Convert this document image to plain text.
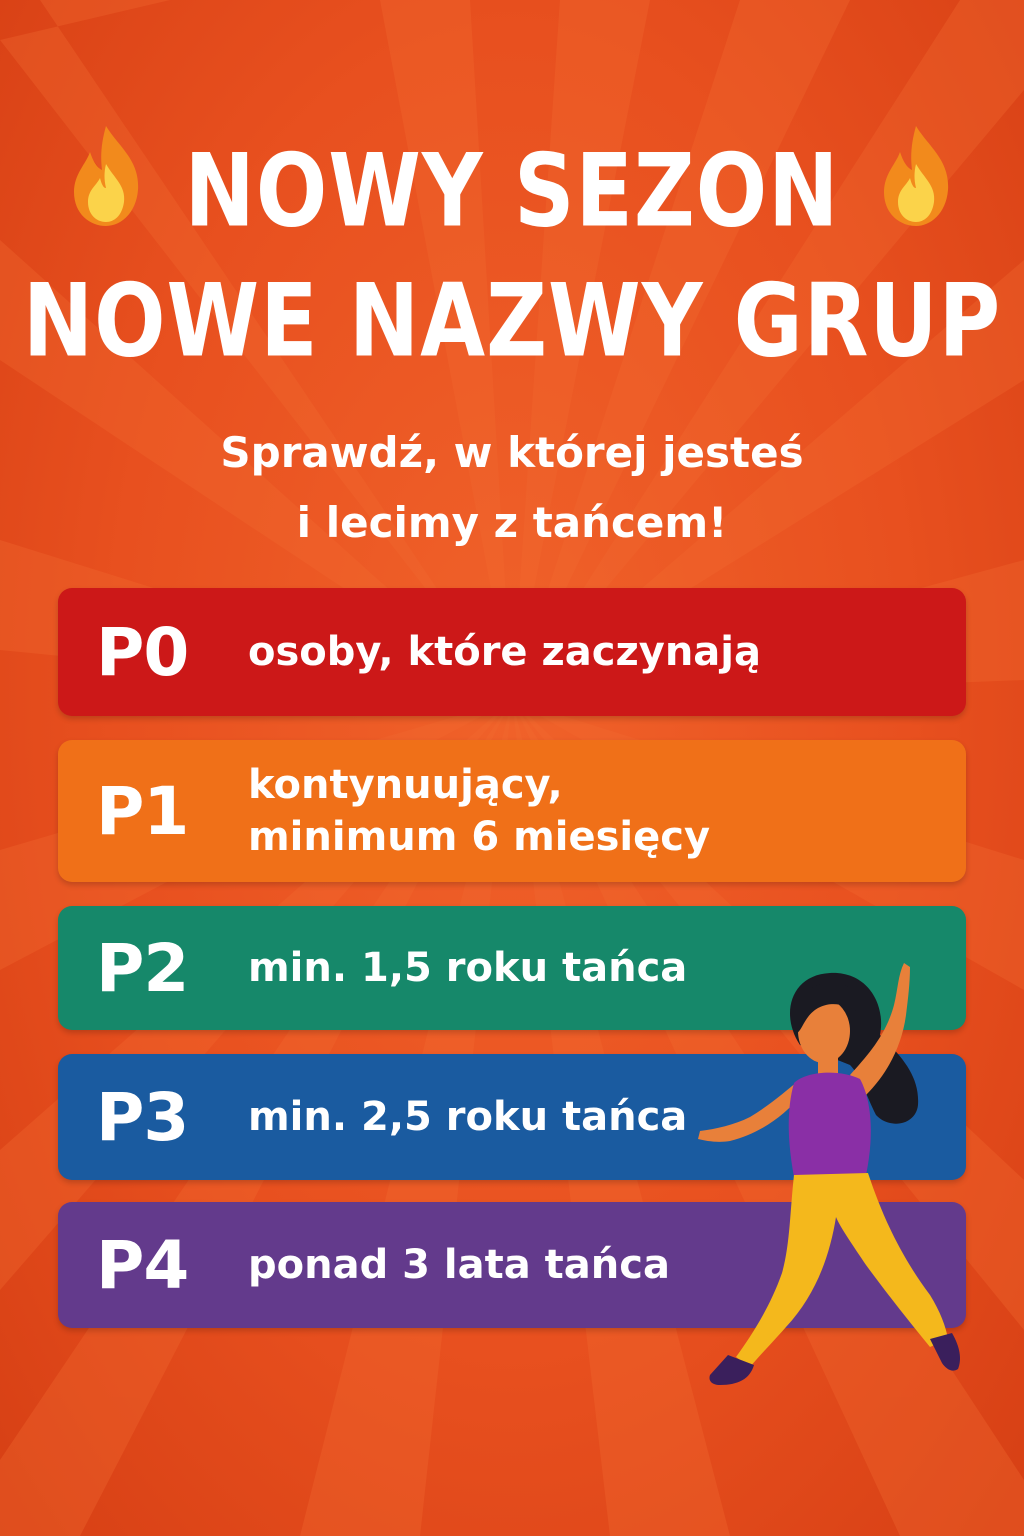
NOWY SEZON
NOWE NAZWY GRUP
Sprawdź, w której jesteś
i lecimy z tańcem!
P0	osoby, które zaczynają
P1	kontynuujący,
minimum 6 miesięcy
P2	min. 1,5 roku tańca
P3	min. 2,5 roku tańca
P4	ponad 3 lata tańca
